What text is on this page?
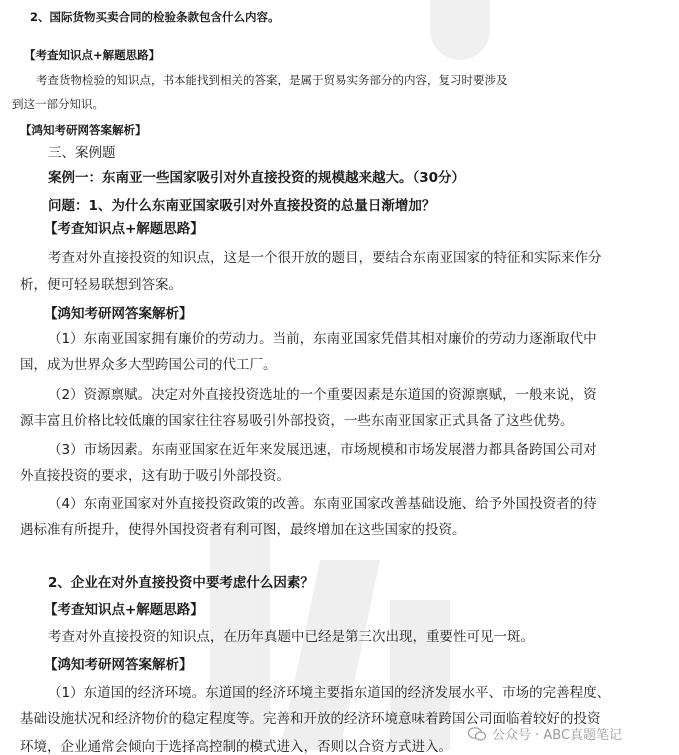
2、国际货物买卖合同的检验条款包含什么内容。
【考查知识点+解题思路】
考查货物检验的知识点，书本能找到相关的答案，是属于贸易实务部分的内容，复习时要涉及
到这一部分知识。
【鸿知考研网答案解析】
三、案例题
案例一：东南亚一些国家吸引对外直接投资的规模越来越大。（30分）
问题：1、为什么东南亚国家吸引对外直接投资的总量日渐增加？
【考查知识点+解题思路】
考查对外直接投资的知识点，这是一个很开放的题目，要结合东南亚国家的特征和实际来作分
析，便可轻易联想到答案。
【鸿知考研网答案解析】
（1）东南亚国家拥有廉价的劳动力。当前，东南亚国家凭借其相对廉价的劳动力逐渐取代中
国，成为世界众多大型跨国公司的代工厂。
（2）资源禀赋。决定对外直接投资选址的一个重要因素是东道国的资源禀赋，一般来说，资
源丰富且价格比较低廉的国家往往容易吸引外部投资，一些东南亚国家正式具备了这些优势。
（3）市场因素。东南亚国家在近年来发展迅速，市场规模和市场发展潜力都具备跨国公司对
外直接投资的要求，这有助于吸引外部投资。
（4）东南亚国家对外直接投资政策的改善。东南亚国家改善基础设施、给予外国投资者的待
遇标准有所提升，使得外国投资者有利可图，最终增加在这些国家的投资。
2、企业在对外直接投资中要考虑什么因素？
【考查知识点+解题思路】
考查对外直接投资的知识点，在历年真题中已经是第三次出现，重要性可见一斑。
【鸿知考研网答案解析】
（1）东道国的经济环境。东道国的经济环境主要指东道国的经济发展水平、市场的完善程度、
基础设施状况和经济物价的稳定程度等。完善和开放的经济环境意味着跨国公司面临着较好的投资
环境，企业通常会倾向于选择高控制的模式进入，否则以合资方式进入。
公众号 · ABC真题笔记
